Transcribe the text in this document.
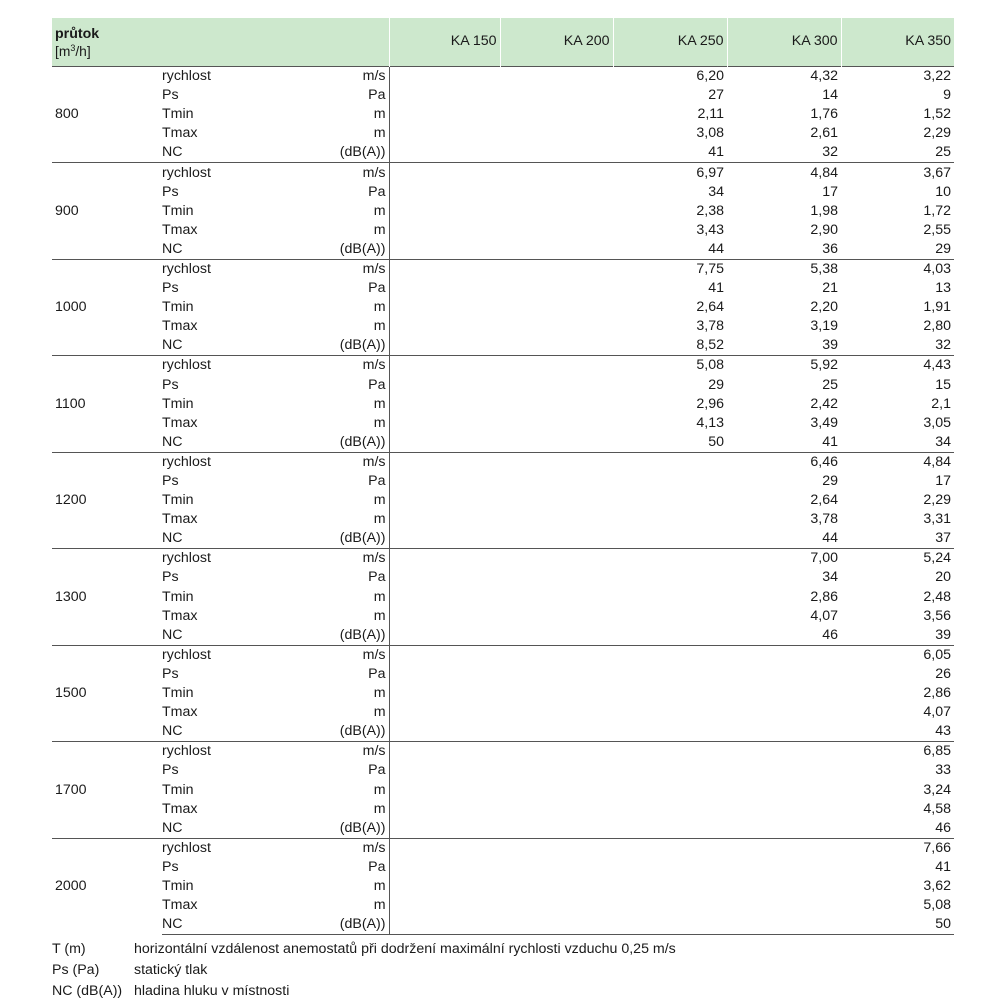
průtok
$[m^3/h]$			KA 150	KA 200	KA 250	KA 300	KA 350
800	rychlost	m/s			6,20	4,32	3,22
	Ps	Pa			27	14	9
	Tmin	m			2,11	1,76	1,52
	Tmax	m			3,08	2,61	2,29
	NC	(dB(A))			41	32	25
900	rychlost	m/s			6,97	4,84	3,67
	Ps	Pa			34	17	10
	Tmin	m			2,38	1,98	1,72
	Tmax	m			3,43	2,90	2,55
	NC	(dB(A))			44	36	29
1000	rychlost	m/s			7,75	5,38	4,03
	Ps	Pa			41	21	13
	Tmin	m			2,64	2,20	1,91
	Tmax	m			3,78	3,19	2,80
	NC	(dB(A))			8,52	39	32
1100	rychlost	m/s			5,08	5,92	4,43
	Ps	Pa			29	25	15
	Tmin	m			2,96	2,42	2,1
	Tmax	m			4,13	3,49	3,05
	NC	(dB(A))			50	41	34
1200	rychlost	m/s				6,46	4,84
	Ps	Pa				29	17
	Tmin	m				2,64	2,29
	Tmax	m				3,78	3,31
	NC	(dB(A))				44	37
1300	rychlost	m/s				7,00	5,24
	Ps	Pa				34	20
	Tmin	m				2,86	2,48
	Tmax	m				4,07	3,56
	NC	(dB(A))				46	39
1500	rychlost	m/s					6,05
	Ps	Pa					26
	Tmin	m					2,86
	Tmax	m					4,07
	NC	(dB(A))					43
1700	rychlost	m/s					6,85
	Ps	Pa					33
	Tmin	m					3,24
	Tmax	m					4,58
	NC	(dB(A))					46
2000	rychlost	m/s					7,66
	Ps	Pa					41
	Tmin	m					3,62
	Tmax	m					5,08
	NC	(dB(A))					50
T (m)	horizontální vzdálenost anemostatů při dodržení maximální rychlosti vzduchu 0,25 m/s
Ps (Pa)	statický tlak
NC (dB(A)) hladina hluku v místnosti
